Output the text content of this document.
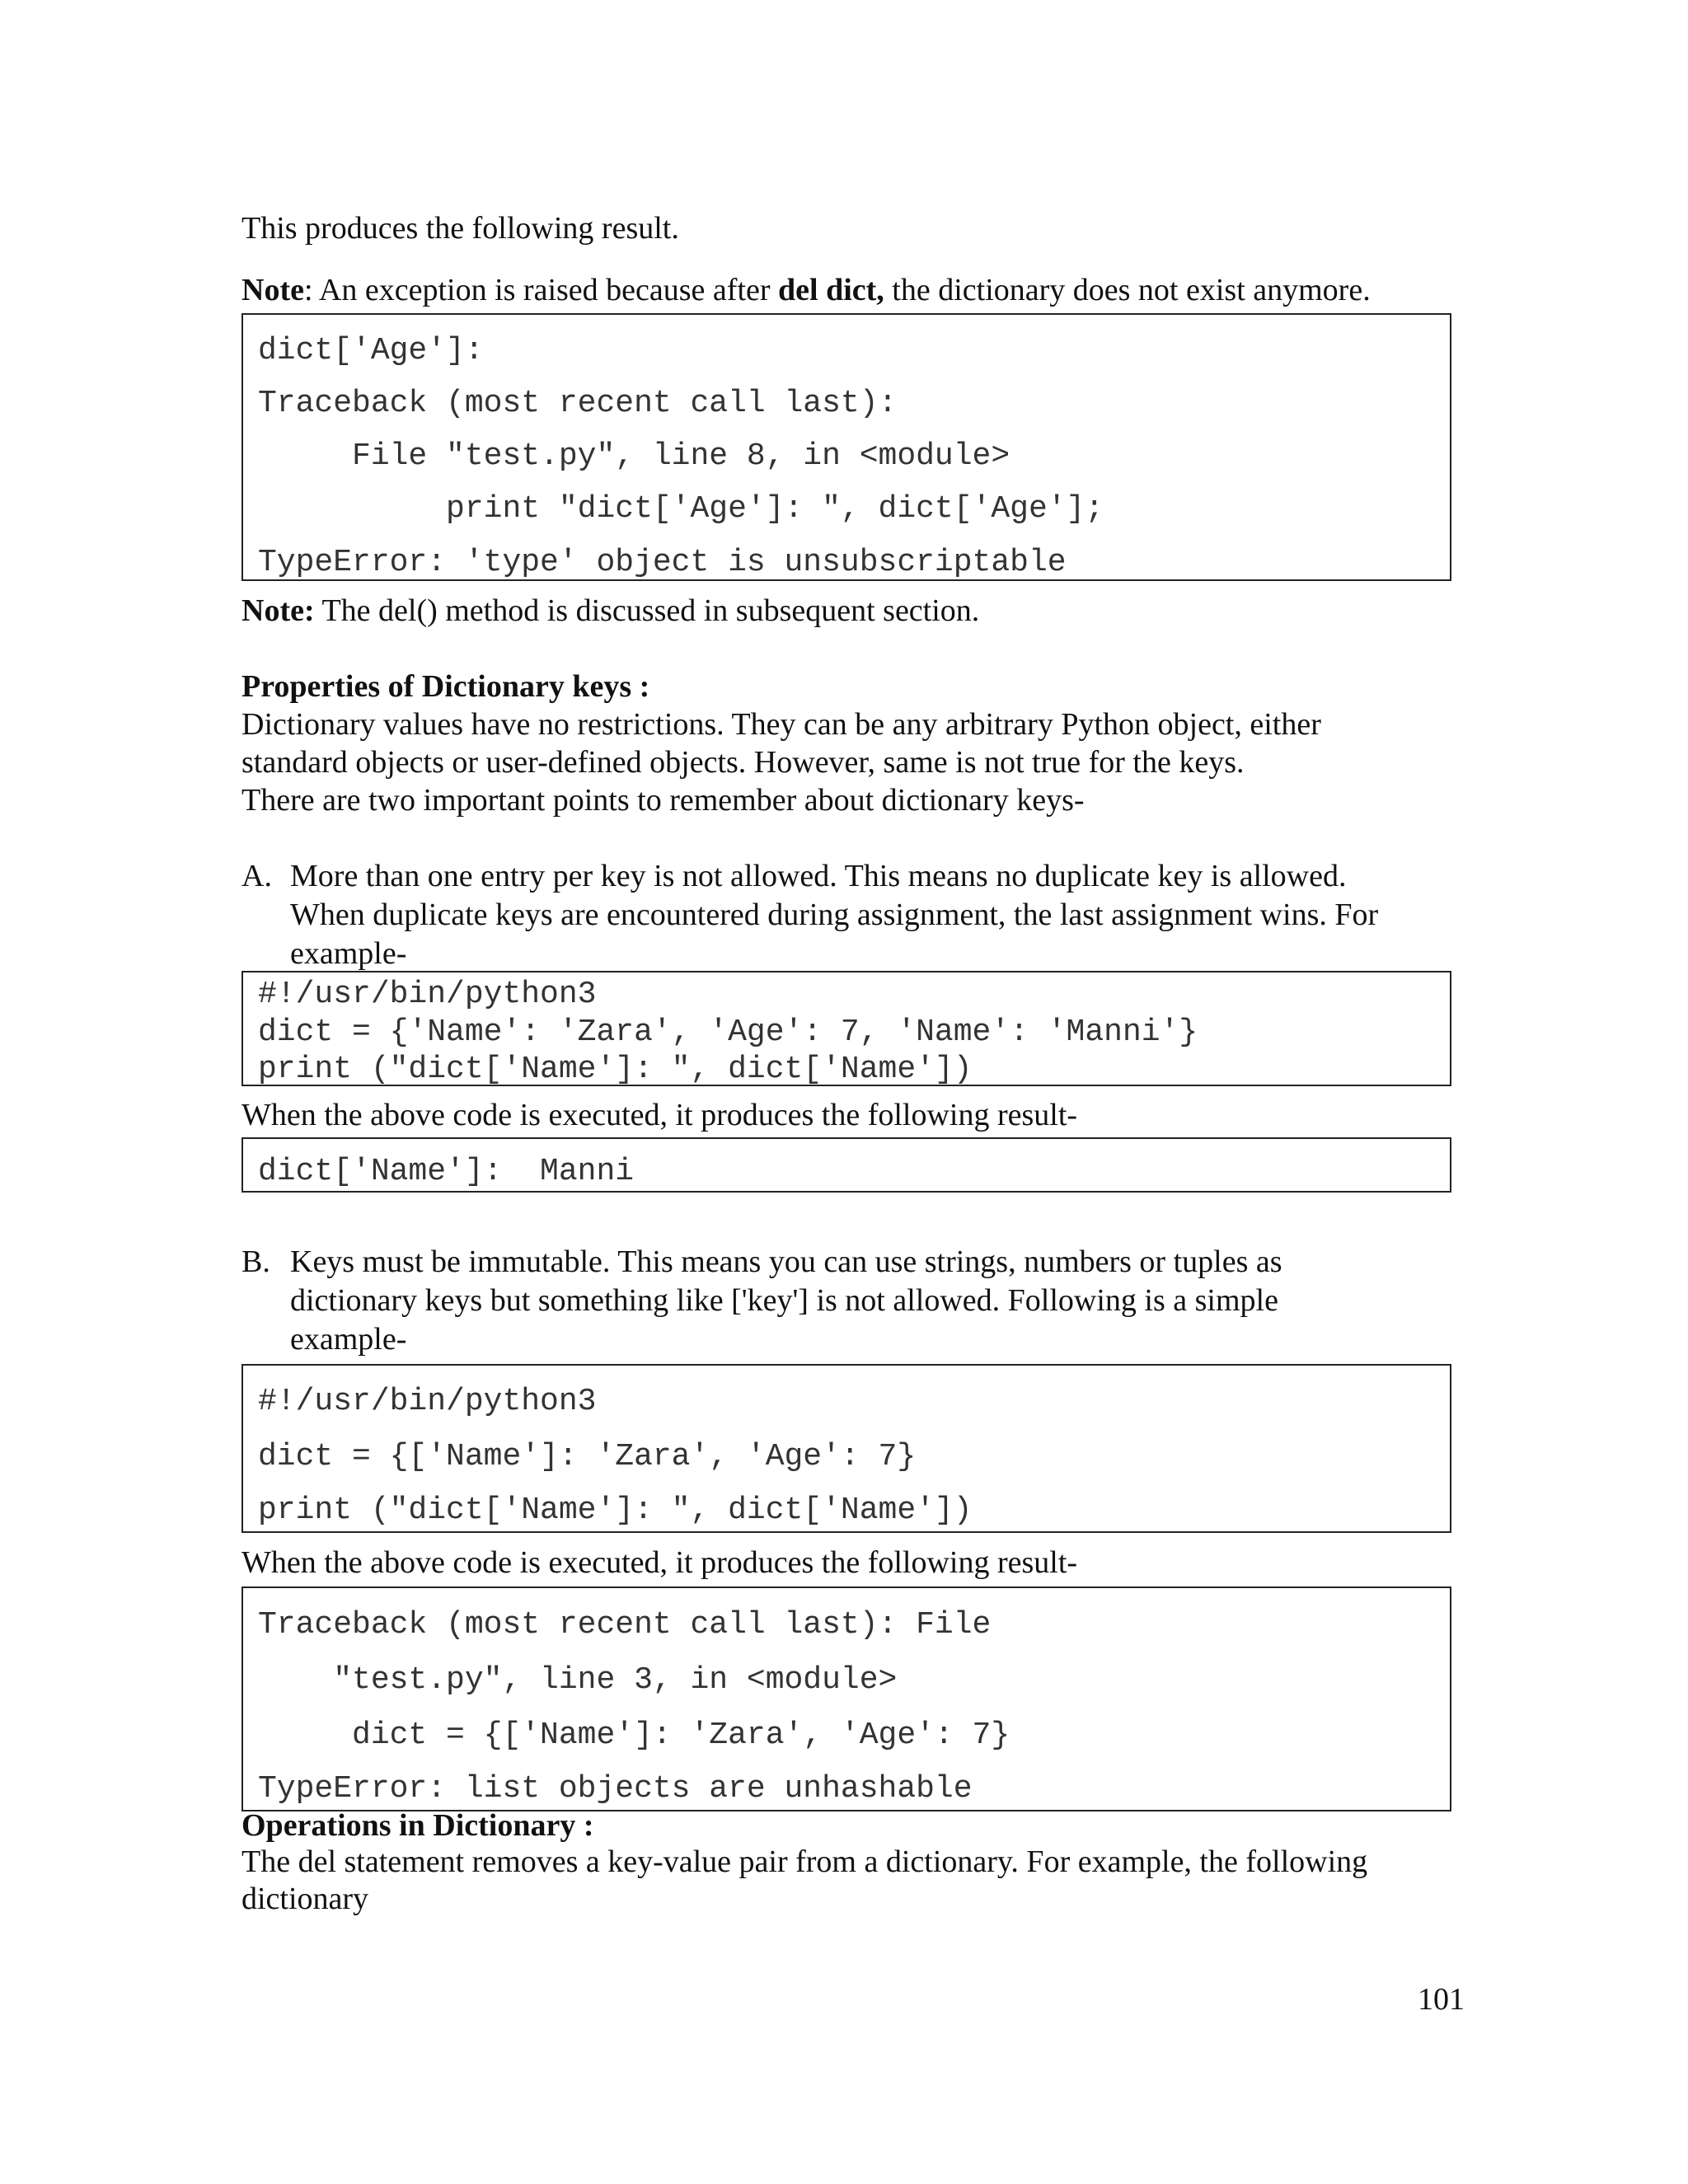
This produces the following result.
Note: An exception is raised because after del dict, the dictionary does not exist anymore.
dict['Age']:
Traceback (most recent call last):
File "test.py", line 8, in <module>
print "dict['Age']: ", dict['Age'];
TypeError: 'type' object is unsubscriptable
Note: The del() method is discussed in subsequent section.
Properties of Dictionary keys :
Dictionary values have no restrictions. They can be any arbitrary Python object, either
standard objects or user-defined objects. However, same is not true for the keys.
There are two important points to remember about dictionary keys-
A. More than one entry per key is not allowed. This means no duplicate key is allowed.
When duplicate keys are encountered during assignment, the last assignment wins. For
example-
#!/usr/bin/python3
dict = {'Name': 'Zara', 'Age': 7, 'Name': 'Manni'}
print ("dict['Name']: ", dict['Name'])
When the above code is executed, it produces the following result-
dict['Name']:  Manni
B. Keys must be immutable. This means you can use strings, numbers or tuples as
dictionary keys but something like ['key'] is not allowed. Following is a simple
example-
#!/usr/bin/python3
dict = {['Name']: 'Zara', 'Age': 7}
print ("dict['Name']: ", dict['Name'])
When the above code is executed, it produces the following result-
Traceback (most recent call last): File
"test.py", line 3, in <module>
dict = {['Name']: 'Zara', 'Age': 7}
TypeError: list objects are unhashable
Operations in Dictionary :
The del statement removes a key-value pair from a dictionary. For example, the following
dictionary
101
